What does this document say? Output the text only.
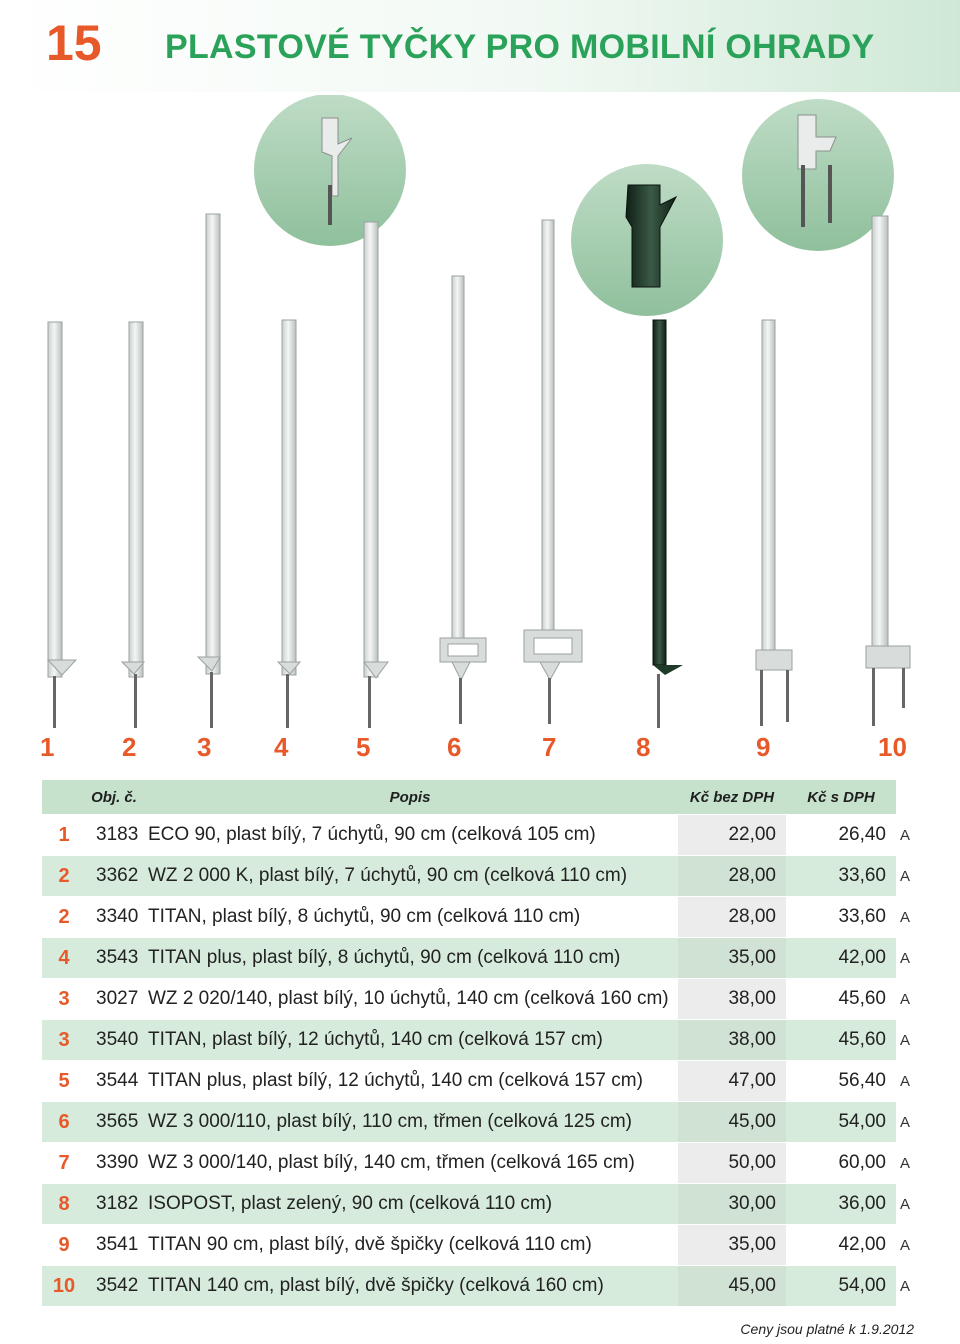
15 PLASTOVÉ TYČKY PRO MOBILNÍ OHRADY
1	2 3 4	5	6	7	8	9	10
	Obj. č.	Popis	Kč bez DPH	Kč s DPH	
1	3183	ECO 90, plast bílý, 7 úchytů, 90 cm (celková 105 cm)	22,00	26,40	A
2	3362	WZ 2 000 K, plast bílý, 7 úchytů, 90 cm (celková 110 cm)	28,00	33,60	A
2	3340	TITAN, plast bílý, 8 úchytů, 90 cm (celková 110 cm)	28,00	33,60	A
4	3543	TITAN plus, plast bílý, 8 úchytů, 90 cm (celková 110 cm)	35,00	42,00	A
3	3027	WZ 2 020/140, plast bílý, 10 úchytů, 140 cm (celková 160 cm)	38,00	45,60	A
3	3540	TITAN, plast bílý, 12 úchytů, 140 cm (celková 157 cm)	38,00	45,60	A
5	3544	TITAN plus, plast bílý, 12 úchytů, 140 cm (celková 157 cm)	47,00	56,40	A
6	3565	WZ 3 000/110, plast bílý, 110 cm, třmen (celková 125 cm)	45,00	54,00	A
7	3390	WZ 3 000/140, plast bílý, 140 cm, třmen (celková 165 cm)	50,00	60,00	A
8	3182	ISOPOST, plast zelený, 90 cm (celková 110 cm)	30,00	36,00	A
9	3541	TITAN 90 cm, plast bílý, dvě špičky (celková 110 cm)	35,00	42,00	A
10	3542	TITAN 140 cm, plast bílý, dvě špičky (celková 160 cm)	45,00	54,00	A
Ceny jsou platné k 1.9.2012
